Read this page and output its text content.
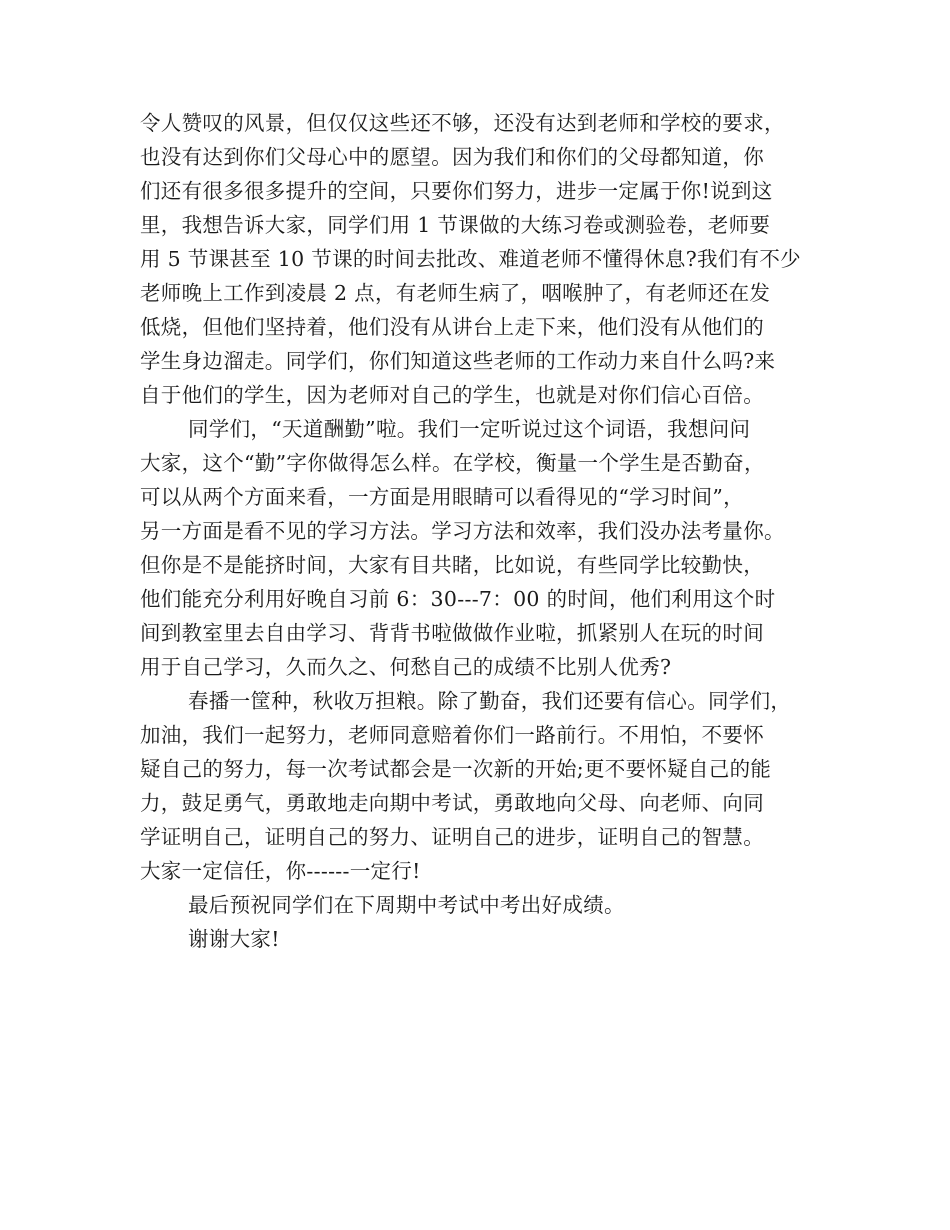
令人赞叹的风景，但仅仅这些还不够，还没有达到老师和学校的要求，
也没有达到你们父母心中的愿望。因为我们和你们的父母都知道，你
们还有很多很多提升的空间，只要你们努力，进步一定属于你!说到这
里，我想告诉大家，同学们用 1 节课做的大练习卷或测验卷，老师要
用 5 节课甚至 10 节课的时间去批改、难道老师不懂得休息?我们有不少
老师晚上工作到凌晨 2 点，有老师生病了，咽喉肿了，有老师还在发
低烧，但他们坚持着，他们没有从讲台上走下来，他们没有从他们的
学生身边溜走。同学们，你们知道这些老师的工作动力来自什么吗?来
自于他们的学生，因为老师对自己的学生，也就是对你们信心百倍。
同学们，“天道酬勤”啦。我们一定听说过这个词语，我想问问
大家，这个“勤”字你做得怎么样。在学校，衡量一个学生是否勤奋，
可以从两个方面来看，一方面是用眼睛可以看得见的“学习时间”，
另一方面是看不见的学习方法。学习方法和效率，我们没办法考量你。
但你是不是能挤时间，大家有目共睹，比如说，有些同学比较勤快，
他们能充分利用好晚自习前 6：30---7：00 的时间，他们利用这个时
间到教室里去自由学习、背背书啦做做作业啦，抓紧别人在玩的时间
用于自己学习，久而久之、何愁自己的成绩不比别人优秀?
春播一筐种，秋收万担粮。除了勤奋，我们还要有信心。同学们，
加油，我们一起努力，老师同意赔着你们一路前行。不用怕，不要怀
疑自己的努力，每一次考试都会是一次新的开始;更不要怀疑自己的能
力，鼓足勇气，勇敢地走向期中考试，勇敢地向父母、向老师、向同
学证明自己，证明自己的努力、证明自己的进步，证明自己的智慧。
大家一定信任，你------一定行!
最后预祝同学们在下周期中考试中考出好成绩。
谢谢大家!
